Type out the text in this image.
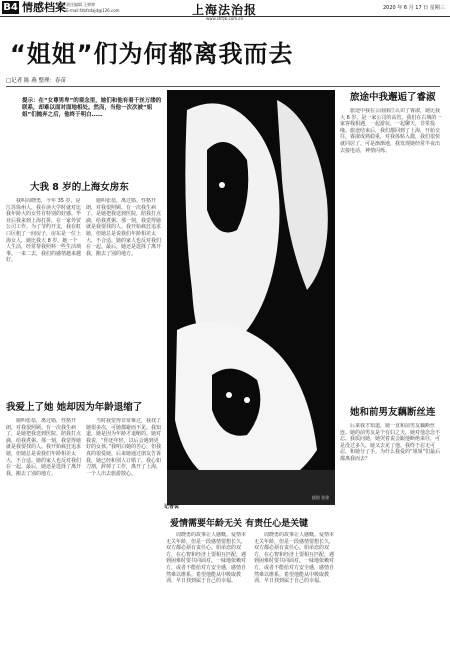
B4 情感档案 责任编辑 王婷婷
E-mail:fzbfzdajd@126.com	上海法治报
www.shfzb.com.cn
2020 年 6 月 17 日 星期三
“姐姐”们为何都离我而去
□记者 陈 燕 整理：春苗
提示：在“女尊男卑”的观念里，她们和他有着千丝万缕的联系，却难以面对面地相处。然而，当他一次次被“姐姐”们抛弃之后，他终于明白……
大我 8 岁的上海女房东
我叫周晓勇，今年 35 岁，是江苏徐州人，我在读大学时就对比我年龄大的女性有特别的好感。毕业后我来到上海打拼，在一家外贸公司工作。为了节约开支，我在虹口区租了一间房子，房东是一位上海女人，她比我大 8 岁。她一个人生活，经常帮我照料一些生活琐事。一来二去，我们的感情越来越好。
她叫张蓓，离过婚，性格开朗，对我很照顾。有一次我生病了，是她把我送到医院，陪我打点滴，给我煮粥。那一刻，我觉得她就是我要找的人。我开始疯狂追求她，但她总是说我们年龄相差太大，不合适。她的家人也反对我们在一起。最后，她还是选择了离开我，搬去了别的地方。
我爱上了她 她却因为年龄退缩了
她叫张蓓，离过婚，性格开朗，对我很照顾。有一次我生病了，是她把我送到医院，陪我打点滴，给我煮粥。那一刻，我觉得她就是我要找的人。我开始疯狂追求她，但她总是说我们年龄相差太大，不合适。她的家人也反对我们在一起。最后，她还是选择了离开我，搬去了别的地方。
当时我觉得非常难过，我找了她很多次，可她都避而不见。我知道，她是因为年龄才退缩的。她对我说，“你还年轻，以后会遇到更好的女孩。”我明白她的苦心，但我真的很爱她。后来她通过朋友告诉我，她已经和别人订婚了。我心如刀割，辞掉了工作，离开了上海，一个人出去旅游散心。
插图 张建
记者说
爱情需要年龄无关 有责任心是关键
周晓勇的故事让人感慨。爱情本无关年龄，但是一段感情要想长久，双方都必须有责任心。姐弟恋的双方，在心智和经济上要相互匹配，遇到困难时要共同面对。一味地依赖对方，或者不能给对方安全感，感情自然难以维系。希望他能从中吸取教训，早日找到属于自己的幸福。
周晓勇的故事让人感慨。爱情本无关年龄，但是一段感情要想长久，双方都必须有责任心。姐弟恋的双方，在心智和经济上要相互匹配，遇到困难时要共同面对。一味地依赖对方，或者不能给对方安全感，感情自然难以维系。希望他能从中吸取教训，早日找到属于自己的幸福。
旅途中我邂逅了睿淑
旅途中我在云南丽江认识了睿淑，她比我大 6 岁，是一家公司的高管。我们在古城的一家客栈相遇，一起游玩，一起聊天，非常投缘。旅途结束后，我们都回到了上海，开始交往。睿淑成熟稳重，对我体贴入微，我们很快就同居了。可是渐渐地，我发现她经常半夜出去接电话，神情闪烁。
她和前男友藕断丝连
后来我才知道，她一直和前男友藕断丝连。她的前男友是个有妇之夫，她对他念念不忘。我质问她，她哭着说会跟他断绝来往，可是没过多久，她又去见了他。我终于忍无可忍，和她分了手。为什么我爱的“姐姐”们最后都离我而去？
